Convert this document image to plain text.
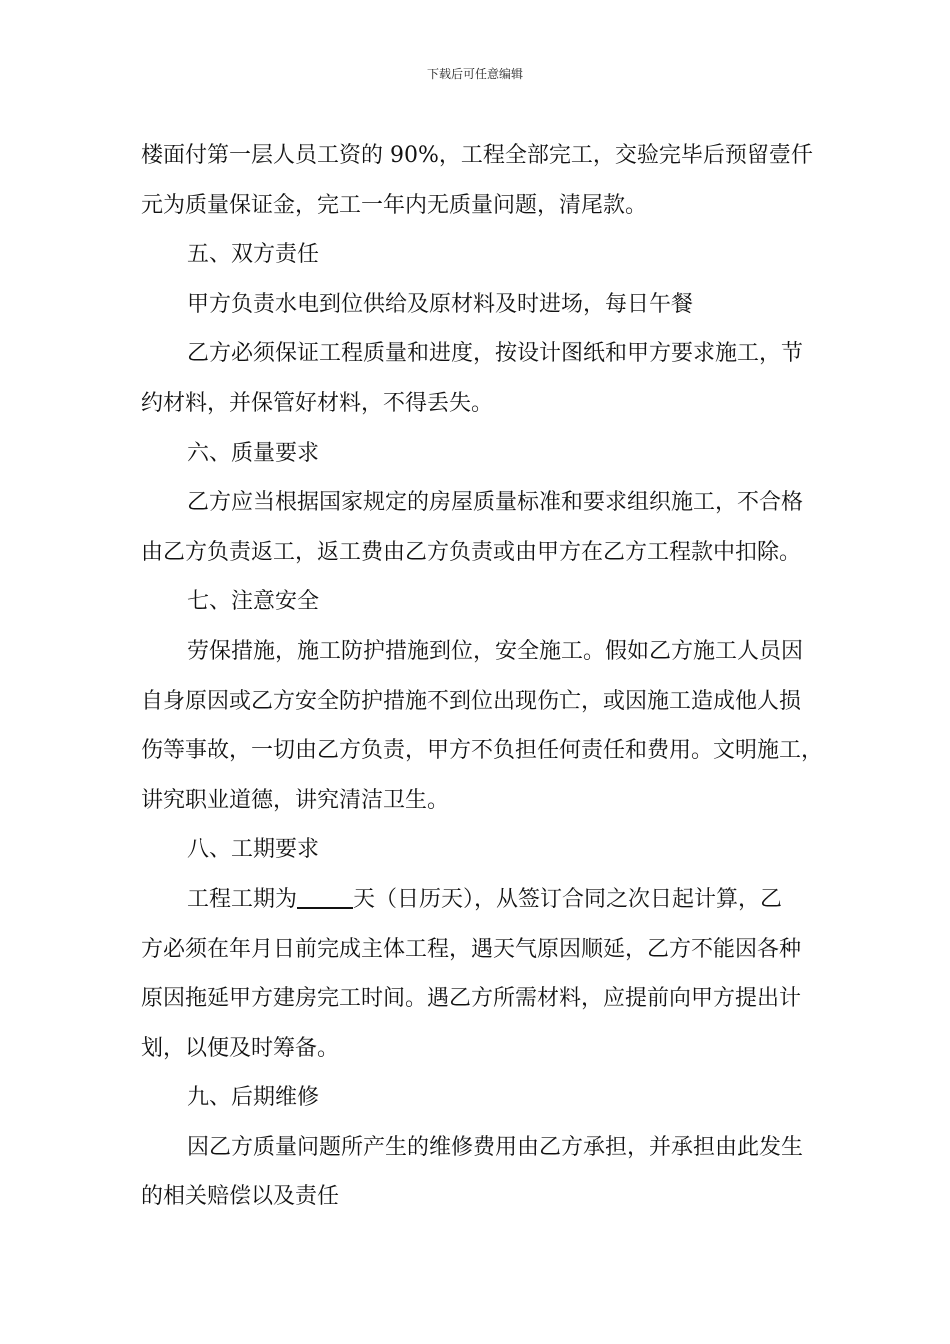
下载后可任意编辑
楼面付第一层人员工资的 90%，工程全部完工，交验完毕后预留壹仟
元为质量保证金，完工一年内无质量问题，清尾款。
五、双方责任
甲方负责水电到位供给及原材料及时进场，每日午餐
乙方必须保证工程质量和进度，按设计图纸和甲方要求施工，节
约材料，并保管好材料，不得丢失。
六、质量要求
乙方应当根据国家规定的房屋质量标准和要求组织施工，不合格
由乙方负责返工，返工费由乙方负责或由甲方在乙方工程款中扣除。
七、注意安全
劳保措施，施工防护措施到位，安全施工。假如乙方施工人员因
自身原因或乙方安全防护措施不到位出现伤亡，或因施工造成他人损
伤等事故，一切由乙方负责，甲方不负担任何责任和费用。文明施工，
讲究职业道德，讲究清洁卫生。
八、工期要求
工程工期为	天（日历天），从签订合同之次日起计算，乙
方必须在年月日前完成主体工程，遇天气原因顺延，乙方不能因各种
原因拖延甲方建房完工时间。遇乙方所需材料，应提前向甲方提出计
划，以便及时筹备。
九、后期维修
因乙方质量问题所产生的维修费用由乙方承担，并承担由此发生
的相关赔偿以及责任
